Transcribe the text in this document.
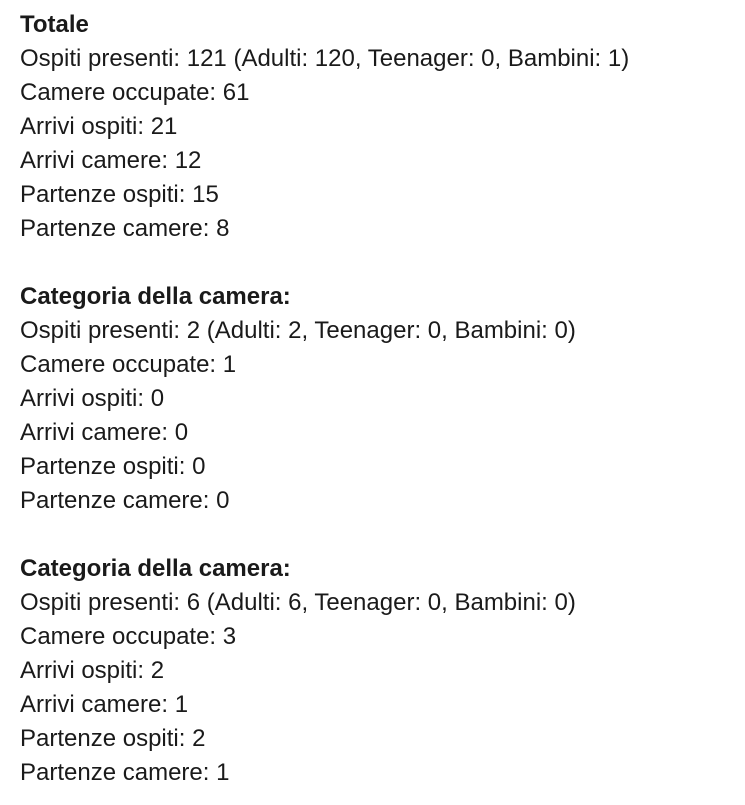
Totale
Ospiti presenti: 121 (Adulti: 120, Teenager: 0, Bambini: 1)
Camere occupate: 61
Arrivi ospiti: 21
Arrivi camere: 12
Partenze ospiti: 15
Partenze camere: 8
Categoria della camera:
Ospiti presenti: 2 (Adulti: 2, Teenager: 0, Bambini: 0)
Camere occupate: 1
Arrivi ospiti: 0
Arrivi camere: 0
Partenze ospiti: 0
Partenze camere: 0
Categoria della camera:
Ospiti presenti: 6 (Adulti: 6, Teenager: 0, Bambini: 0)
Camere occupate: 3
Arrivi ospiti: 2
Arrivi camere: 1
Partenze ospiti: 2
Partenze camere: 1
